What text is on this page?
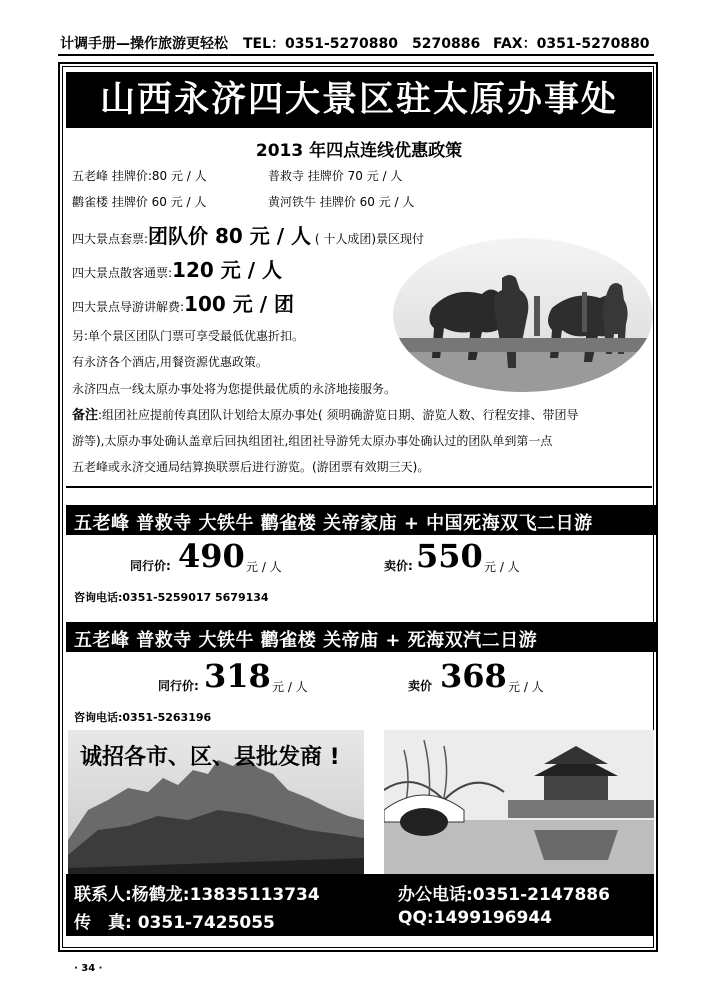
计调手册—操作旅游更轻松 TEL：0351-5270880 5270886 FAX：0351-5270880
山西永济四大景区驻太原办事处
2013 年四点连线优惠政策
五老峰 挂牌价:80 元 / 人	普救寺 挂牌价 70 元 / 人
鹳雀楼 挂牌价 60 元 / 人	黄河铁牛 挂牌价 60 元 / 人
四大景点套票:团队价 80 元 / 人 ( 十人成团)景区现付
四大景点散客通票:120 元 / 人
四大景点导游讲解费:100 元 / 团
另:单个景区团队门票可享受最低优惠折扣。
有永济各个酒店,用餐资源优惠政策。
永济四点一线太原办事处将为您提供最优质的永济地接服务。
备注:组团社应提前传真团队计划给太原办事处( 须明确游览日期、游览人数、行程安排、带团导
游等),太原办事处确认盖章后回执组团社,组团社导游凭太原办事处确认过的团队单到第一点
五老峰或永济交通局结算换联票后进行游览。(游团票有效期三天)。
五老峰 普救寺 大铁牛 鹳雀楼 关帝家庙 + 中国死海双飞二日游
同行价: 490 元 / 人	卖价: 550 元 / 人
咨询电话:0351-5259017 5679134
五老峰 普救寺 大铁牛 鹳雀楼 关帝庙 + 死海双汽二日游
同行价: 318 元 / 人	卖价 368 元 / 人
咨询电话:0351-5263196
诚招各市、区、县批发商 !
联系人:杨鹤龙:13835113734	办公电话:0351-2147886
传　真: 0351-7425055	QQ:1499196944
· 34 ·
